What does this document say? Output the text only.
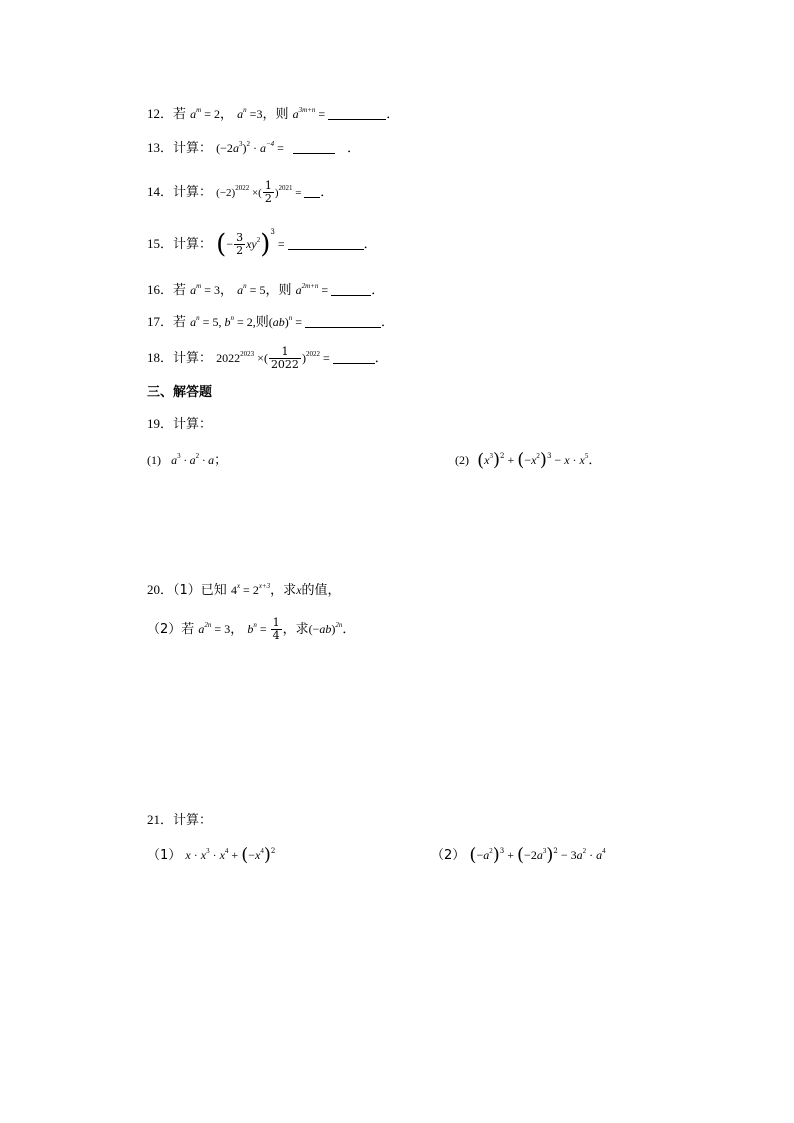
12．若 $a^m = 2$， $a^n =3$，则 $a^{3m+n}$ =	．
13．计算： $(-2a^3)^2 \cdot a^{-4}$ =	．
14．计算： $(-2)^{2022}$ ×( $\frac{1}{2} )^{2021}$ = ．
15．计算： (− $\frac{3}{2} xy^2)^3$ =	．
16．若 $a^m = 3$， $a^n = 5$，则 $a^{2m+n}$ =	．
17．若 $a^n = 5$, $b^n = 2$,则(ab)$^n$ =	．
18．计算： $2022^{2023}$ ×( $\frac{1}{2022} )^{2022}$ =	．
三、解答题
19．计算：
(1) $a^3 \cdot a^2 \cdot a$；	(2) $(x^3)^2 + (-x^2)^3 - x \cdot x^5$．
20．（1）已知 $4^x = 2^{x+3}$，求x的值，
（2）若 $a^{2n} = 3$， $b^n = \frac{1}{4}$ ，求$(-ab)^{2n}$．
21．计算：
（1） $x \cdot x^3 \cdot x^4 + (-x^4)^2$	（2） $(-a^2)^3 + (-2a^3)^2 - 3a^2 \cdot a^4$
